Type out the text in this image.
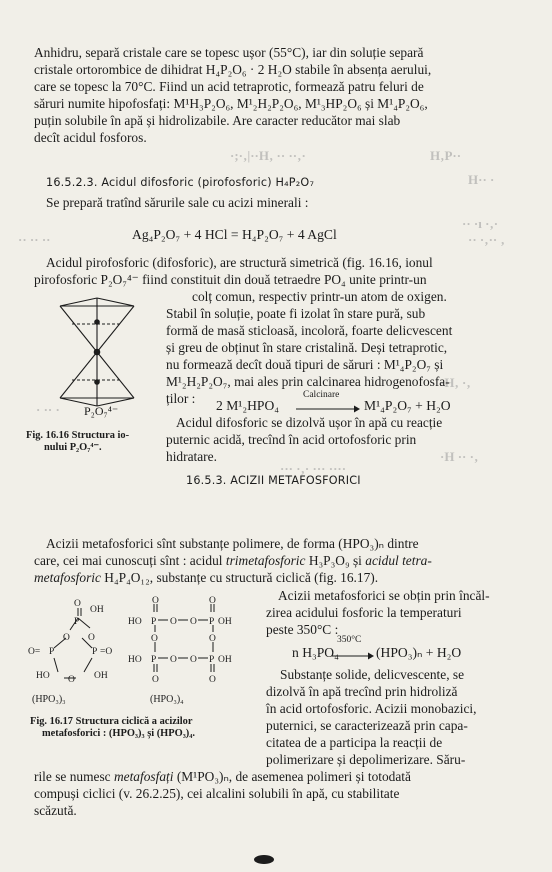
Anhidru, separă cristale care se topesc ușor (55°C), iar din soluție separă
cristale ortorombice de dihidrat H₄P₂O₆ · 2 H₂O stabile în absența aerului,
care se topesc la 70°C. Fiind un acid tetraprotic, formează patru feluri de
săruri numite hipofosfați: M¹H₃P₂O₆, M¹₂H₂P₂O₆, M¹₃HP₂O₆ și M¹₄P₂O₆,
puțin solubile în apă și hidrolizabile. Are caracter reducător mai slab
decît acidul fosforos.
·;·‚|··H‚ ·· ··‚·	H‚P··
H·· ·
·· ·ı ·‚·
·· ·· ··	·· ·‚·· ‚
·H‚ ·‚
· ·· ·
·H ·· ·‚
··· ·‚· ··· ····
16.5.2.3. Acidul difosforic (pirofosforic) H₄P₂O₇
Se prepară tratînd sărurile sale cu acizi minerali :
Ag₄P₂O₇ + 4 HCl = H₄P₂O₇ + 4 AgCl
Acidul pirofosforic (difosforic), are structură simetrică (fig. 16.16, ionul
pirofosforic P₂O₇⁴⁻ fiind constituit din două tetraedre PO₄ unite printr-un
colț comun, respectiv printr-un atom de oxigen.
Stabil în soluție, poate fi izolat în stare pură, sub
formă de masă sticloasă, incoloră, foarte delicvescent
și greu de obținut în stare cristalină. Deși tetraprotic,
nu formează decît două tipuri de săruri : M¹₄P₂O₇ și
M¹₂H₂P₂O₇, mai ales prin calcinarea hidrogenofosfa-
ților : 2 M¹₂HPO₄
Calcinare
→ M¹₄P₂O₇ + H₂O
Acidul difosforic se dizolvă ușor în apă cu reacție
puternic acidă, trecînd în acid ortofosforic prin
hidratare.
P₂O₇⁴⁻
Fig. 16.16 Structura io-
nului P₂O₇⁴⁻.
16.5.3. ACIZII METAFOSFORICI
Acizii metafosforici sînt substanțe polimere, de forma (HPO₃)ₙ dintre
care, cei mai cunoscuți sînt : acidul trimetafosforic H₃P₃O₉ și acidul tetra-
metafosforic H₄P₄O₁₂, substanțe cu structură ciclică (fig. 16.17).
Acizii metafosforici se obțin prin încăl-
zirea acidului fosforic la temperaturi
peste 350°C :
n H₃PO₄
350°C
→ (HPO₃)ₙ + H₂O
Substanțe solide, delicvescente, se
dizolvă în apă trecînd prin hidroliză
în acid ortofosforic. Acizii monobazici,
puternici, se caracterizează prin capa-
citatea de a participa la reacții de
polimerizare și depolimerizare. Săru-
rile se numesc metafosfați (M¹PO₃)ₙ, de asemenea polimeri și totodată
compuși ciclici (v. 26.2.25), cei alcalini solubili în apă, cu stabilitate
scăzută.
O
OH
P
O O
O= P	P =O
HO O OH
O	O
HO P O O P OH
O	O
HO P O O P OH
O	O
(HPO₃)₃	(HPO₃)₄
Fig. 16.17 Structura ciclică a acizilor
metafosforici : (HPO₃)₃ și (HPO₃)₄.
